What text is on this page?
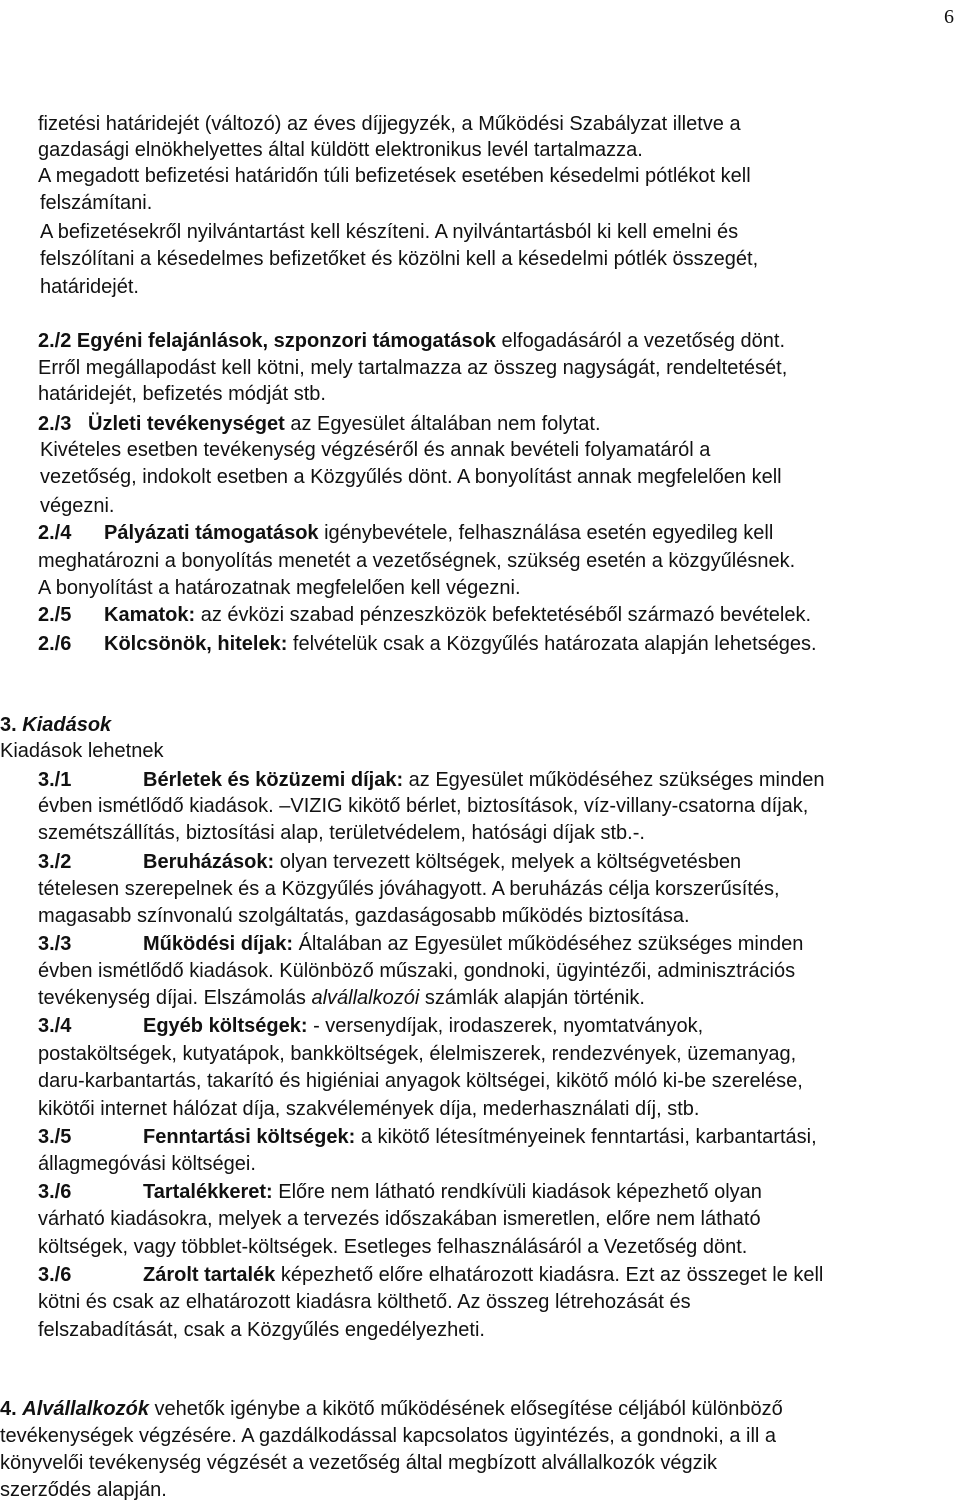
6
fizetési határidejét (változó) az éves díjjegyzék, a Működési Szabályzat illetve a
gazdasági elnökhelyettes által küldött elektronikus levél tartalmazza.
A megadott befizetési határidőn túli befizetések esetében késedelmi pótlékot kell
felszámítani.
A befizetésekről nyilvántartást kell készíteni. A nyilvántartásból ki kell emelni és
felszólítani a késedelmes befizetőket és közölni kell a késedelmi pótlék összegét,
határidejét.
2./2 Egyéni felajánlások, szponzori támogatások elfogadásáról a vezetőség dönt.
Erről megállapodást kell kötni, mely tartalmazza az összeg nagyságát, rendeltetését,
határidejét, befizetés módját stb.
2./3 Üzleti tevékenységet az Egyesület általában nem folytat.
Kivételes esetben tevékenység végzéséről és annak bevételi folyamatáról a
vezetőség, indokolt esetben a Közgyűlés dönt. A bonyolítást annak megfelelően kell
végezni.
2./4 Pályázati támogatások igénybevétele, felhasználása esetén egyedileg kell
meghatározni a bonyolítás menetét a vezetőségnek, szükség esetén a közgyűlésnek.
A bonyolítást a határozatnak megfelelően kell végezni.
2./5 Kamatok: az évközi szabad pénzeszközök befektetéséből származó bevételek.
2./6 Kölcsönök, hitelek: felvételük csak a Közgyűlés határozata alapján lehetséges.
3. Kiadások
Kiadások lehetnek
3./1	Bérletek és közüzemi díjak: az Egyesület működéséhez szükséges minden
évben ismétlődő kiadások. –VIZIG kikötő bérlet, biztosítások, víz-villany-csatorna díjak,
szemétszállítás, biztosítási alap, területvédelem, hatósági díjak stb.-.
3./2	Beruházások: olyan tervezett költségek, melyek a költségvetésben
tételesen szerepelnek és a Közgyűlés jóváhagyott. A beruházás célja korszerűsítés,
magasabb színvonalú szolgáltatás, gazdaságosabb működés biztosítása.
3./3	Működési díjak: Általában az Egyesület működéséhez szükséges minden
évben ismétlődő kiadások. Különböző műszaki, gondnoki, ügyintézői, adminisztrációs
tevékenység díjai. Elszámolás alvállalkozói számlák alapján történik.
3./4	Egyéb költségek: - versenydíjak, irodaszerek, nyomtatványok,
postaköltségek, kutyatápok, bankköltségek, élelmiszerek, rendezvények, üzemanyag,
daru-karbantartás, takarító és higiéniai anyagok költségei, kikötő móló ki-be szerelése,
kikötői internet hálózat díja, szakvélemények díja, mederhasználati díj, stb.
3./5	Fenntartási költségek: a kikötő létesítményeinek fenntartási, karbantartási,
állagmegóvási költségei.
3./6	Tartalékkeret: Előre nem látható rendkívüli kiadások képezhető olyan
várható kiadásokra, melyek a tervezés időszakában ismeretlen, előre nem látható
költségek, vagy többlet-költségek. Esetleges felhasználásáról a Vezetőség dönt.
3./6	Zárolt tartalék képezhető előre elhatározott kiadásra. Ezt az összeget le kell
kötni és csak az elhatározott kiadásra költhető. Az összeg létrehozását és
felszabadítását, csak a Közgyűlés engedélyezheti.
4. Alvállalkozók vehetők igénybe a kikötő működésének elősegítése céljából különböző
tevékenységek végzésére. A gazdálkodással kapcsolatos ügyintézés, a gondnoki, a ill a
könyvelői tevékenység végzését a vezetőség által megbízott alvállalkozók végzik
szerződés alapján.
